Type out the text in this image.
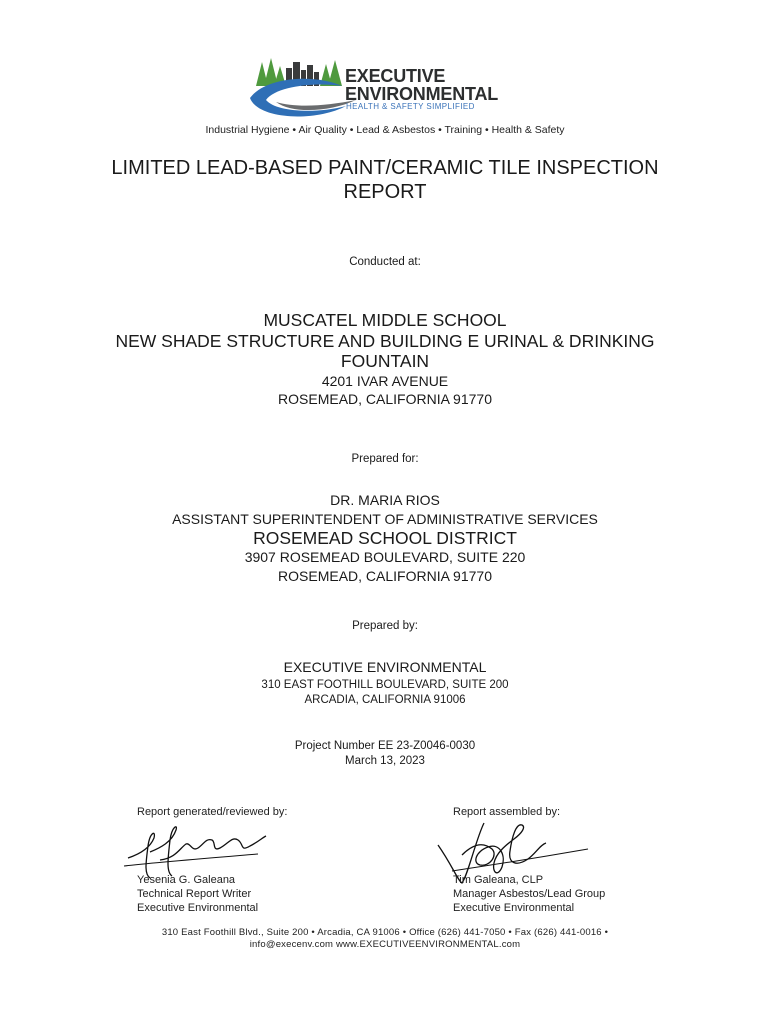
EXECUTIVE
ENVIRONMENTAL
HEALTH & SAFETY SIMPLIFIED
Industrial Hygiene • Air Quality • Lead & Asbestos • Training • Health & Safety
LIMITED LEAD-BASED PAINT/CERAMIC TILE INSPECTION
REPORT
Conducted at:
MUSCATEL MIDDLE SCHOOL
NEW SHADE STRUCTURE AND BUILDING E URINAL & DRINKING
FOUNTAIN
4201 IVAR AVENUE
ROSEMEAD, CALIFORNIA 91770
Prepared for:
DR. MARIA RIOS
ASSISTANT SUPERINTENDENT OF ADMINISTRATIVE SERVICES
ROSEMEAD SCHOOL DISTRICT
3907 ROSEMEAD BOULEVARD, SUITE 220
ROSEMEAD, CALIFORNIA 91770
Prepared by:
EXECUTIVE ENVIRONMENTAL
310 EAST FOOTHILL BOULEVARD, SUITE 200
ARCADIA, CALIFORNIA 91006
Project Number EE 23-Z0046-0030
March 13, 2023
Report generated/reviewed by:
Yesenia G. Galeana
Technical Report Writer
Executive Environmental
Report assembled by:
Tim Galeana, CLP
Manager Asbestos/Lead Group
Executive Environmental
310 East Foothill Blvd., Suite 200 • Arcadia, CA 91006 • Office (626) 441-7050 • Fax (626) 441-0016 •
info@execenv.com www.EXECUTIVEENVIRONMENTAL.com
